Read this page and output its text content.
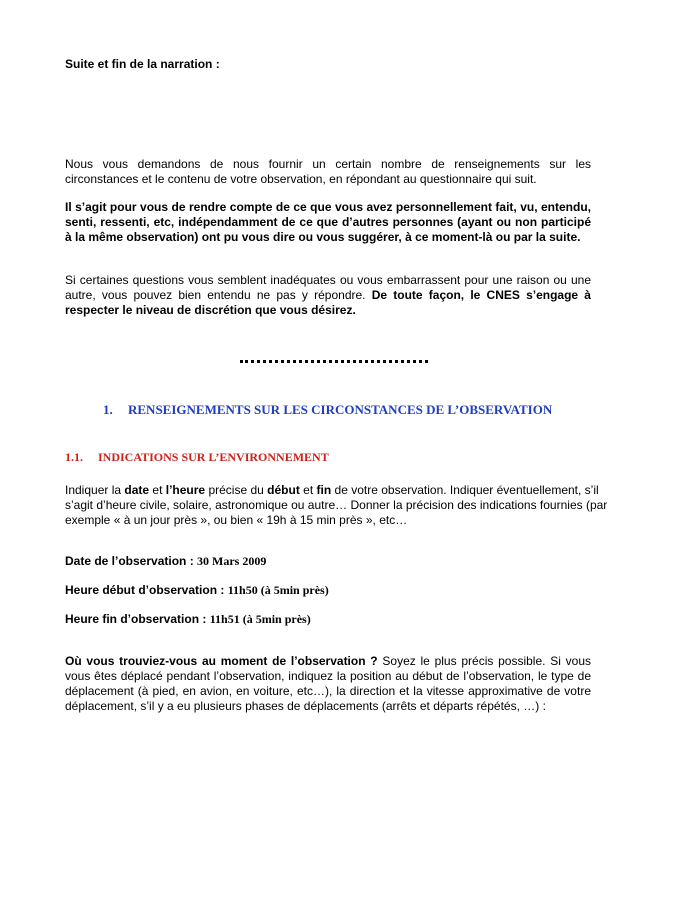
Suite et fin de la narration :

Nous vous demandons de nous fournir un certain nombre de renseignements sur les circonstances et le contenu de votre observation, en répondant au questionnaire qui suit.

Il s’agit pour vous de rendre compte de ce que vous avez personnellement fait, vu, entendu, senti, ressenti, etc, indépendamment de ce que d’autres personnes (ayant ou non participé à la même observation) ont pu vous dire ou vous suggérer, à ce moment-là ou par la suite.

Si certaines questions vous semblent inadéquates ou vous embarrassent pour une raison ou une autre, vous pouvez bien entendu ne pas y répondre. De toute façon, le CNES s’engage à respecter le niveau de discrétion que vous désirez.

1. RENSEIGNEMENTS SUR LES CIRCONSTANCES DE L’OBSERVATION
1.1. INDICATIONS SUR L’ENVIRONNEMENT

Indiquer la date et l’heure précise du début et fin de votre observation. Indiquer éventuellement, s’il s’agit d’heure civile, solaire, astronomique ou autre… Donner la précision des indications fournies (par exemple « à un jour près », ou bien « 19h à 15 min près », etc…

Date de l’observation : 30 Mars 2009
Heure début d’observation : 11h50 (à 5min près)
Heure fin d’observation : 11h51 (à 5min près)

Où vous trouviez-vous au moment de l’observation ? Soyez le plus précis possible. Si vous vous êtes déplacé pendant l’observation, indiquez la position au début de l’observation, le type de déplacement (à pied, en avion, en voiture, etc…), la direction et la vitesse approximative de votre déplacement, s’il y a eu plusieurs phases de déplacements (arrêts et départs répétés, …) :
